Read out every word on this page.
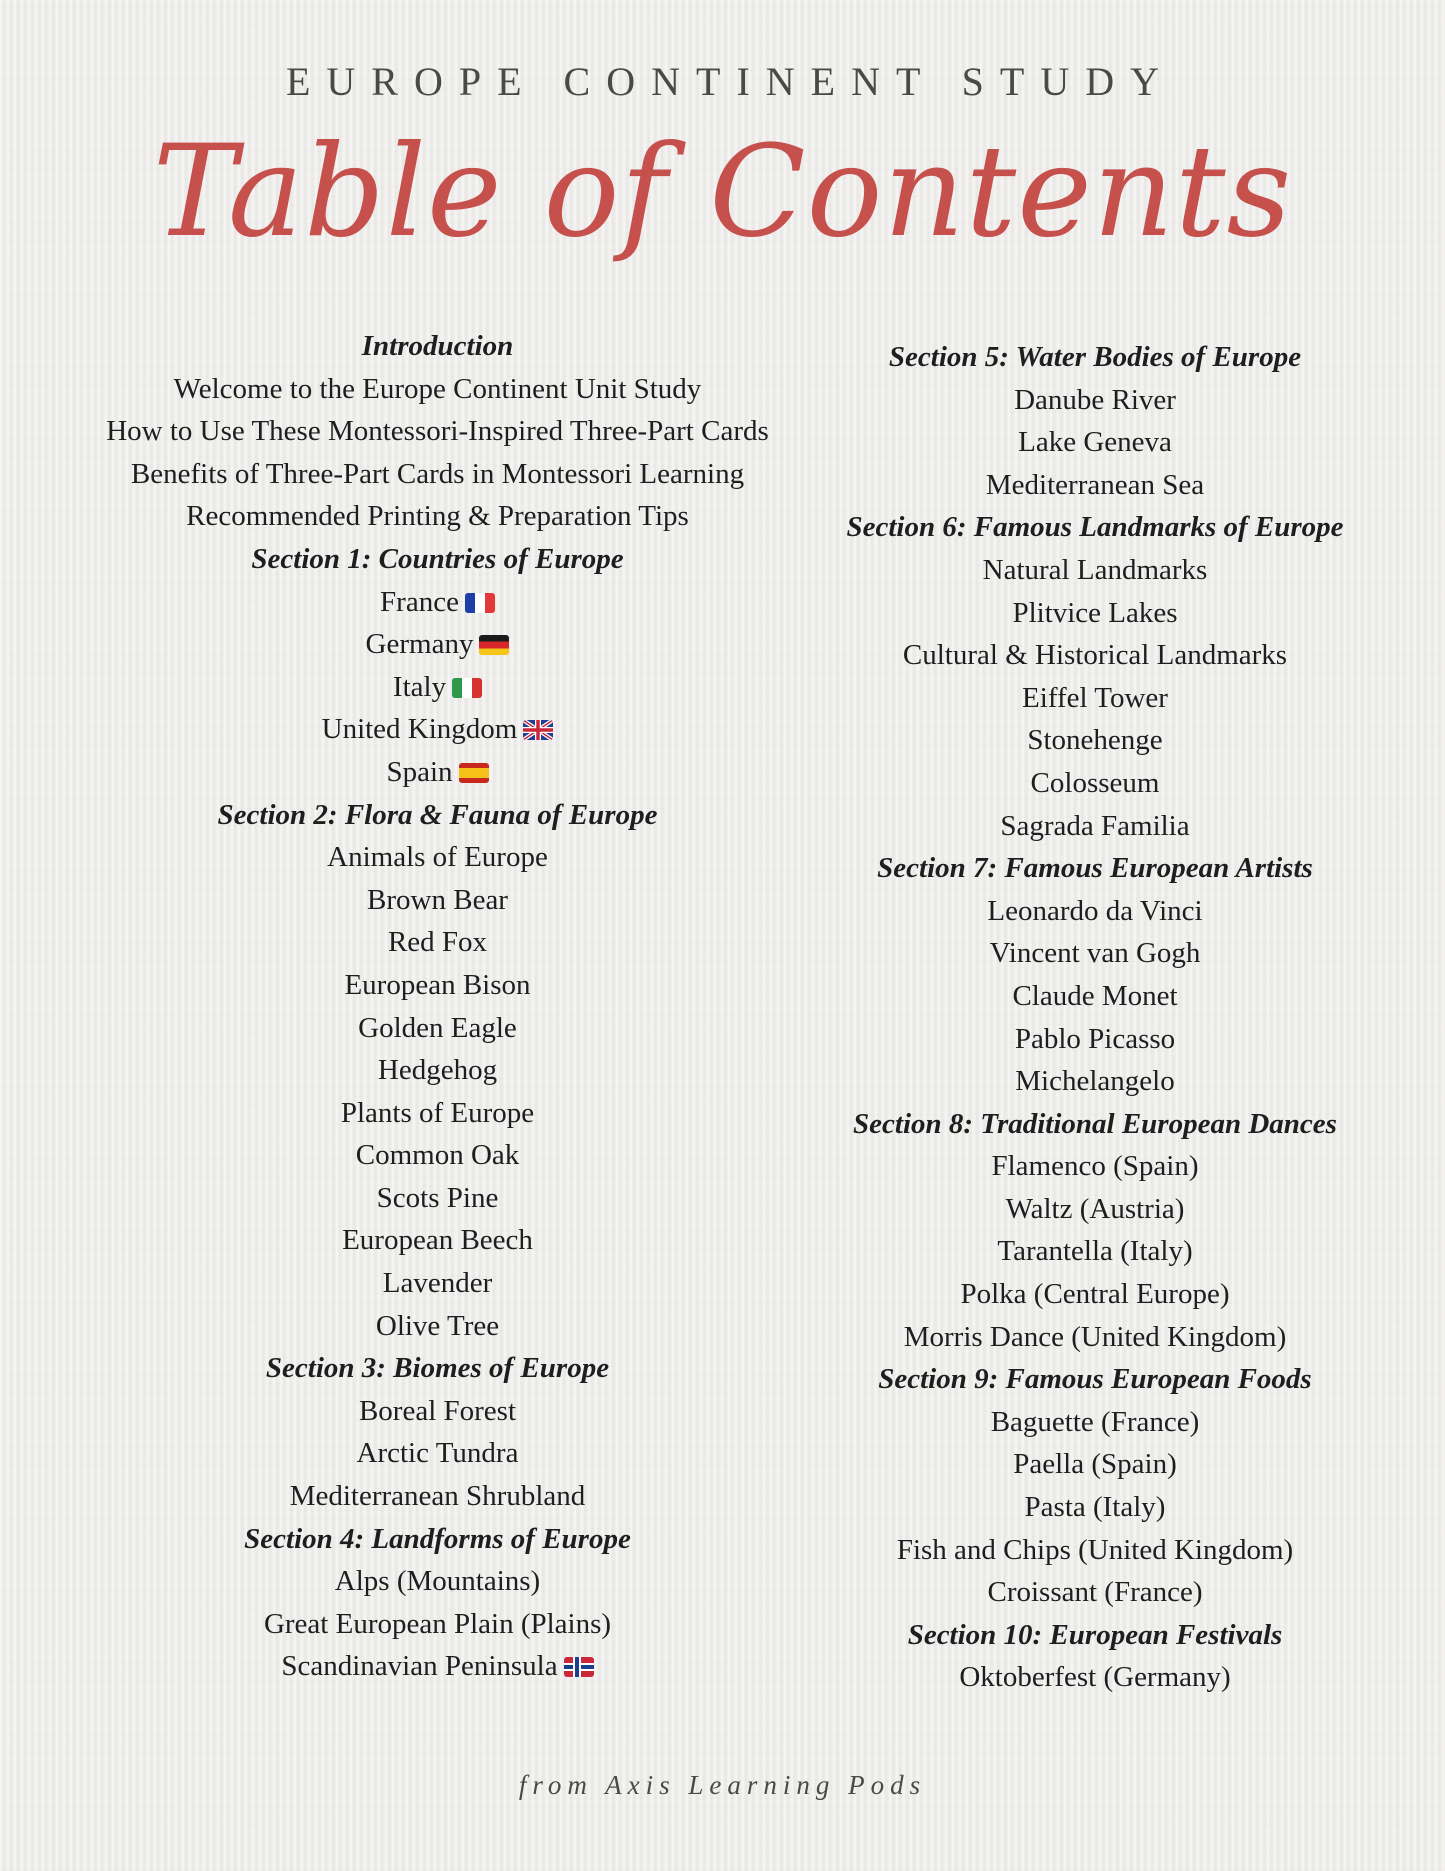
EUROPE CONTINENT STUDY
Table of Contents
Introduction
Welcome to the Europe Continent Unit Study
How to Use These Montessori-Inspired Three-Part Cards
Benefits of Three-Part Cards in Montessori Learning
Recommended Printing & Preparation Tips
Section 1: Countries of Europe
France
Germany
Italy
United Kingdom
Spain
Section 2: Flora & Fauna of Europe
Animals of Europe
Brown Bear
Red Fox
European Bison
Golden Eagle
Hedgehog
Plants of Europe
Common Oak
Scots Pine
European Beech
Lavender
Olive Tree
Section 3: Biomes of Europe
Boreal Forest
Arctic Tundra
Mediterranean Shrubland
Section 4: Landforms of Europe
Alps (Mountains)
Great European Plain (Plains)
Scandinavian Peninsula
Section 5: Water Bodies of Europe
Danube River
Lake Geneva
Mediterranean Sea
Section 6: Famous Landmarks of Europe
Natural Landmarks
Plitvice Lakes
Cultural & Historical Landmarks
Eiffel Tower
Stonehenge
Colosseum
Sagrada Familia
Section 7: Famous European Artists
Leonardo da Vinci
Vincent van Gogh
Claude Monet
Pablo Picasso
Michelangelo
Section 8: Traditional European Dances
Flamenco (Spain)
Waltz (Austria)
Tarantella (Italy)
Polka (Central Europe)
Morris Dance (United Kingdom)
Section 9: Famous European Foods
Baguette (France)
Paella (Spain)
Pasta (Italy)
Fish and Chips (United Kingdom)
Croissant (France)
Section 10: European Festivals
Oktoberfest (Germany)
from Axis Learning Pods
